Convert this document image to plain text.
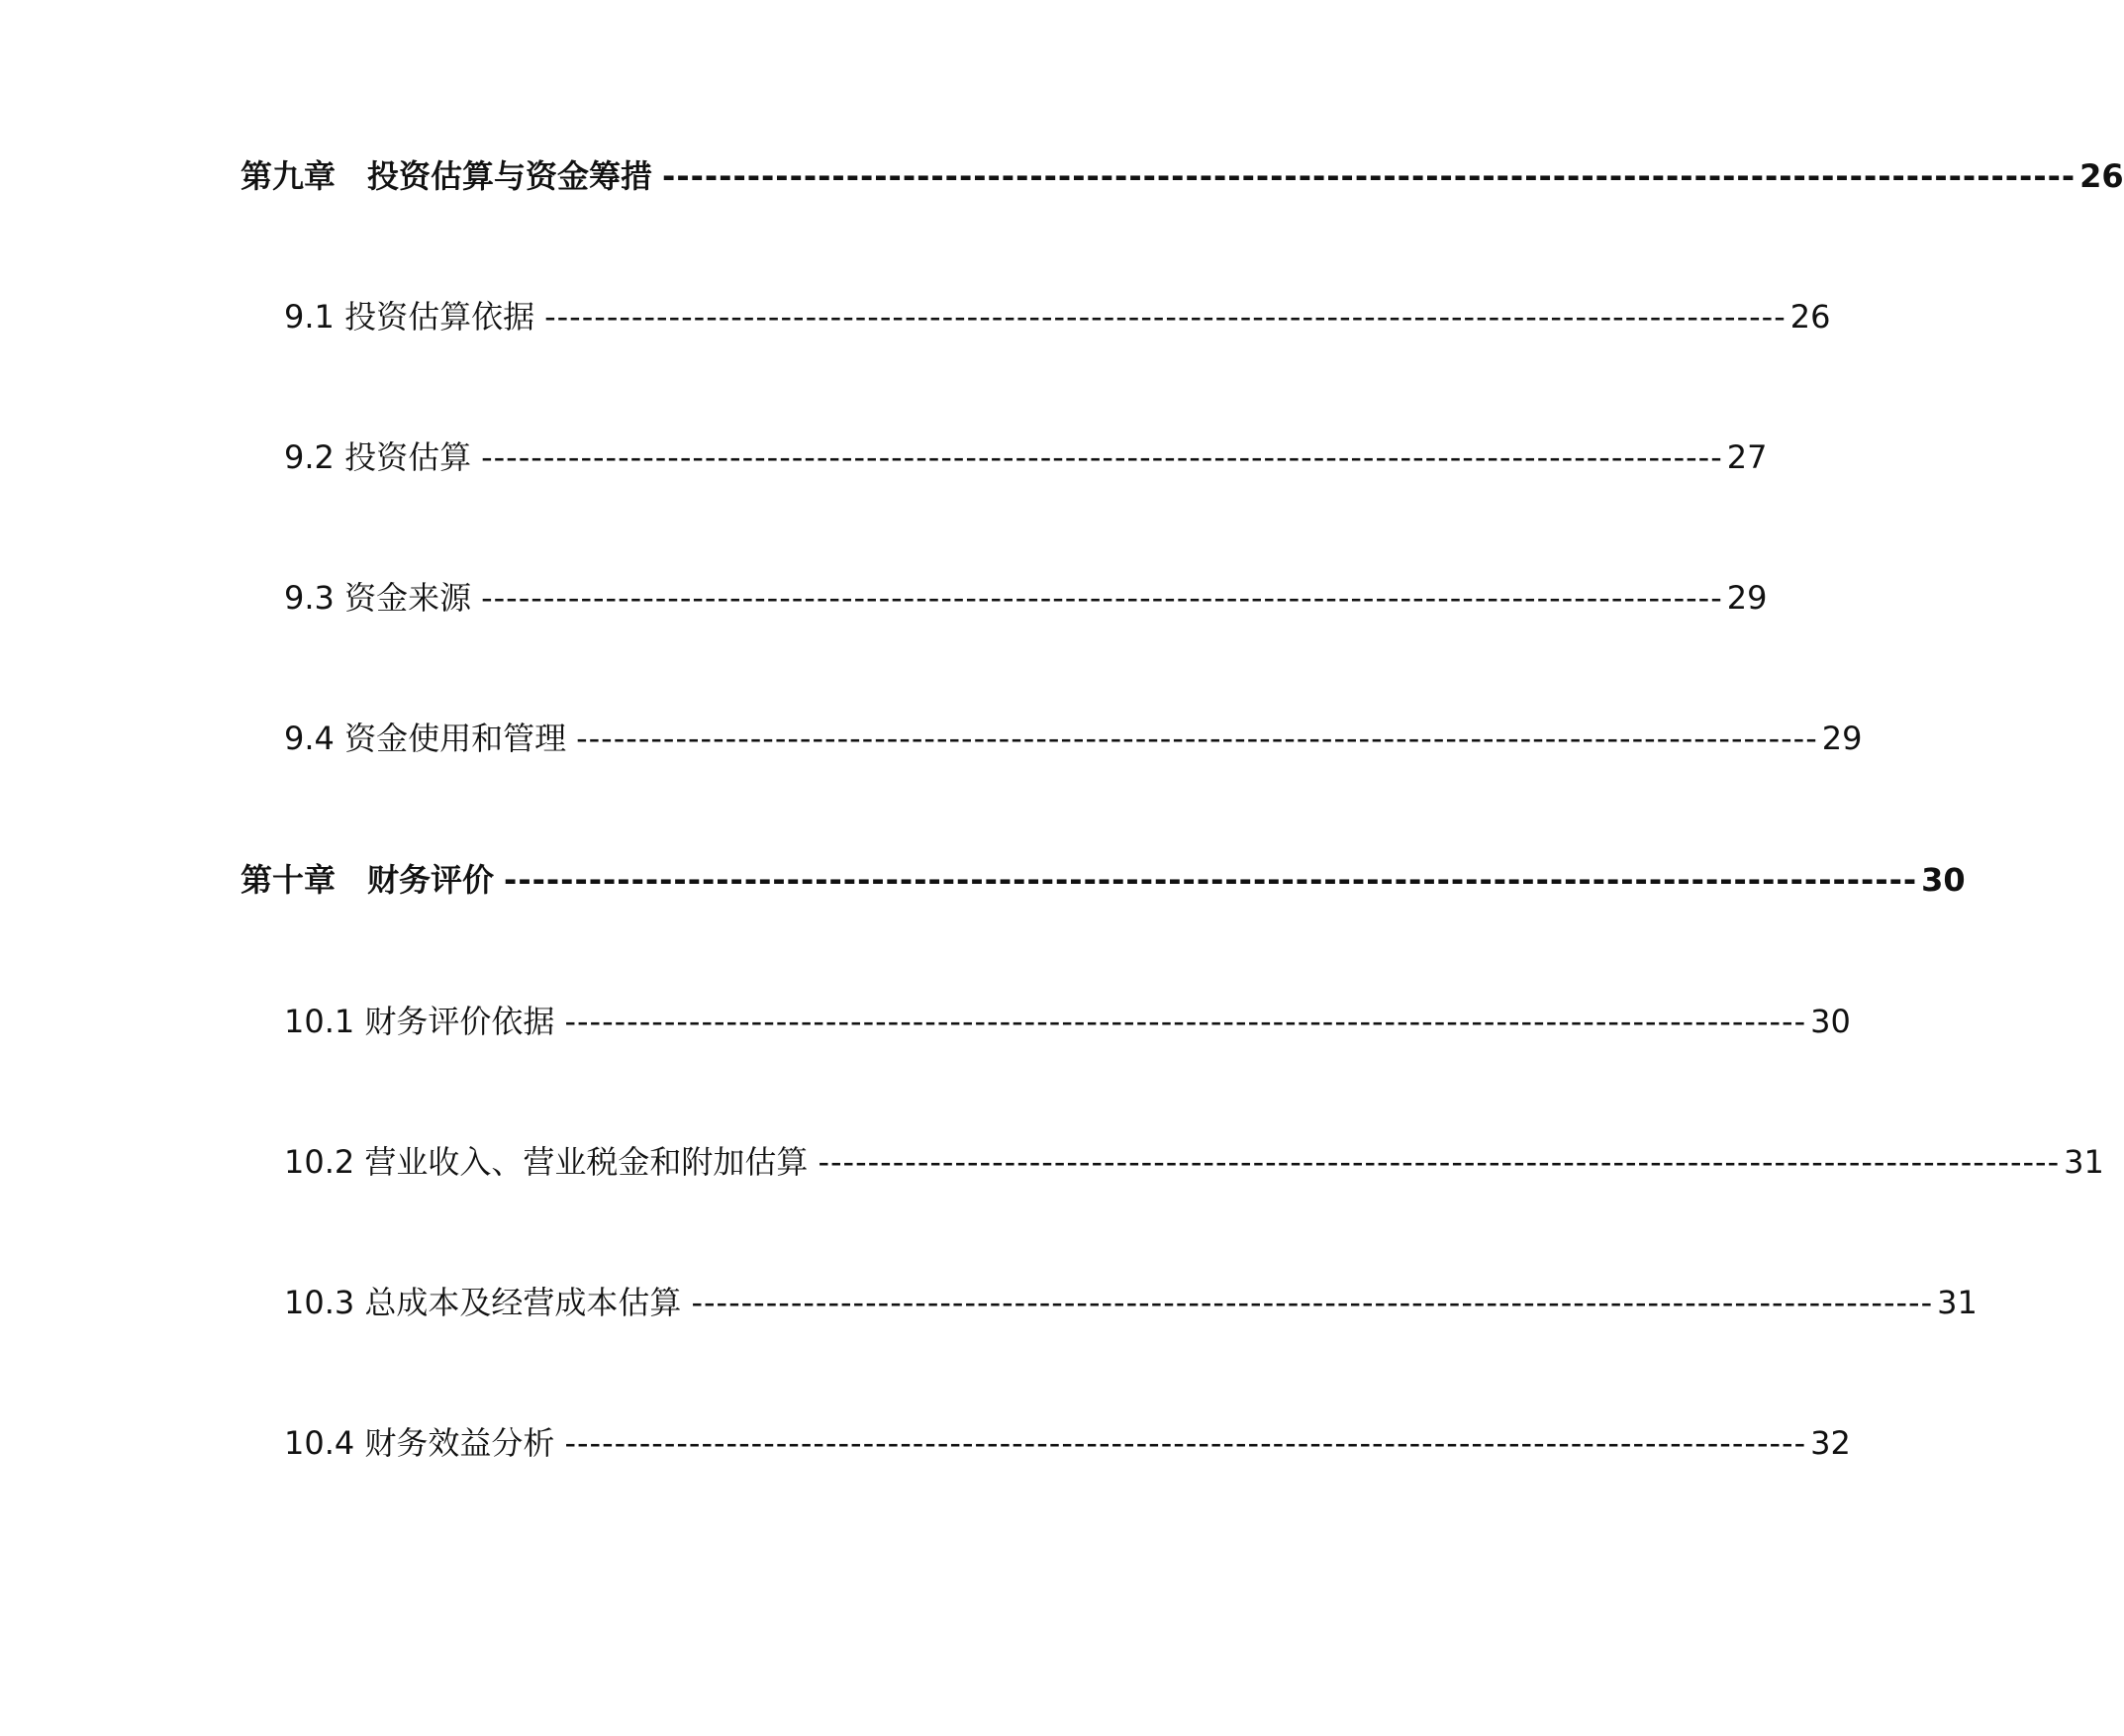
第九章 投资估算与资金筹措 ---------------------------------------------------------------------------------------------------- 26
9.1 投资估算依据 ---------------------------------------------------------------------------------------------------- 26
9.2 投资估算 ---------------------------------------------------------------------------------------------------- 27
9.3 资金来源 ---------------------------------------------------------------------------------------------------- 29
9.4 资金使用和管理 ---------------------------------------------------------------------------------------------------- 29
第十章 财务评价 ---------------------------------------------------------------------------------------------------- 30
10.1 财务评价依据 ---------------------------------------------------------------------------------------------------- 30
10.2 营业收入、营业税金和附加估算 ---------------------------------------------------------------------------------------------------- 31
10.3 总成本及经营成本估算 ---------------------------------------------------------------------------------------------------- 31
10.4 财务效益分析 ---------------------------------------------------------------------------------------------------- 32
